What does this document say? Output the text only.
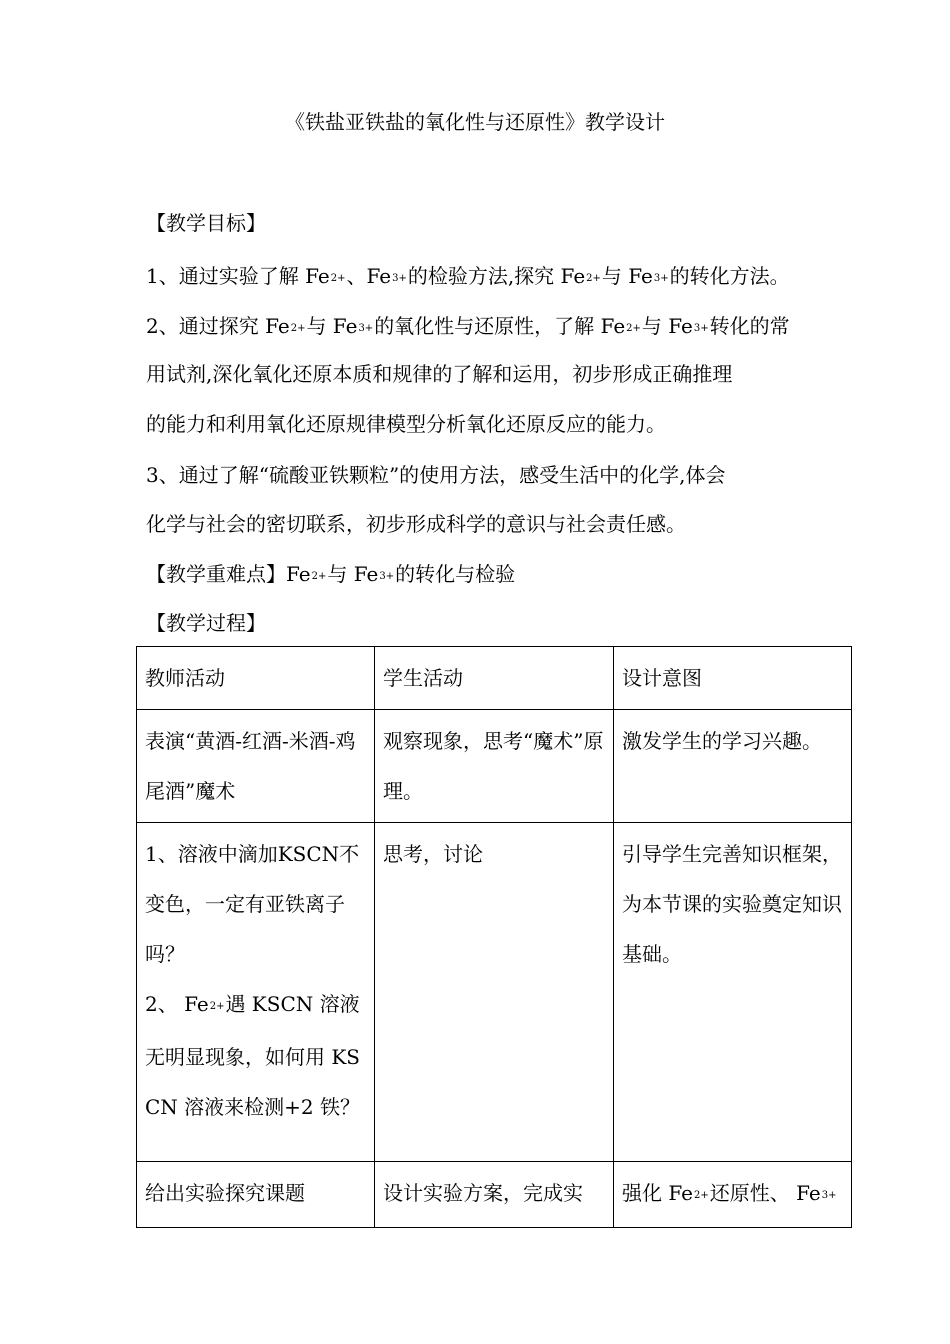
《铁盐亚铁盐的氧化性与还原性》教学设计
【教学目标】
1、通过实验了解 $Fe^{2+}$、$Fe^{3+}$的检验方法,探究 $Fe^{2+}$与 $Fe^{3+}$的转化方法。
2、通过探究 $Fe^{2+}$与 $Fe^{3+}$的氧化性与还原性，了解 $Fe^{2+}$与 $Fe^{3+}$转化的常
用试剂,深化氧化还原本质和规律的了解和运用，初步形成正确推理
的能力和利用氧化还原规律模型分析氧化还原反应的能力。
3、通过了解“硫酸亚铁颗粒”的使用方法，感受生活中的化学,体会
化学与社会的密切联系，初步形成科学的意识与社会责任感。
【教学重难点】$Fe^{2+}$与 $Fe^{3+}$的转化与检验
【教学过程】
教师活动	学生活动	设计意图
表演“黄酒-红酒-米酒-鸡尾酒”魔术	观察现象，思考“魔术”原理。	激发学生的学习兴趣。

1、溶液中滴加KSCN不变色，一定有亚铁离子吗？
2、 $Fe^{2+}$遇 KSCN 溶液无明显现象，如何用 KSCN 溶液来检测+2 铁？	思考，讨论	引导学生完善知识框架，为本节课的实验奠定知识基础。
给出实验探究课题	设计实验方案，完成实	强化 $Fe^{2+}$还原性、 $Fe^{3+}$
